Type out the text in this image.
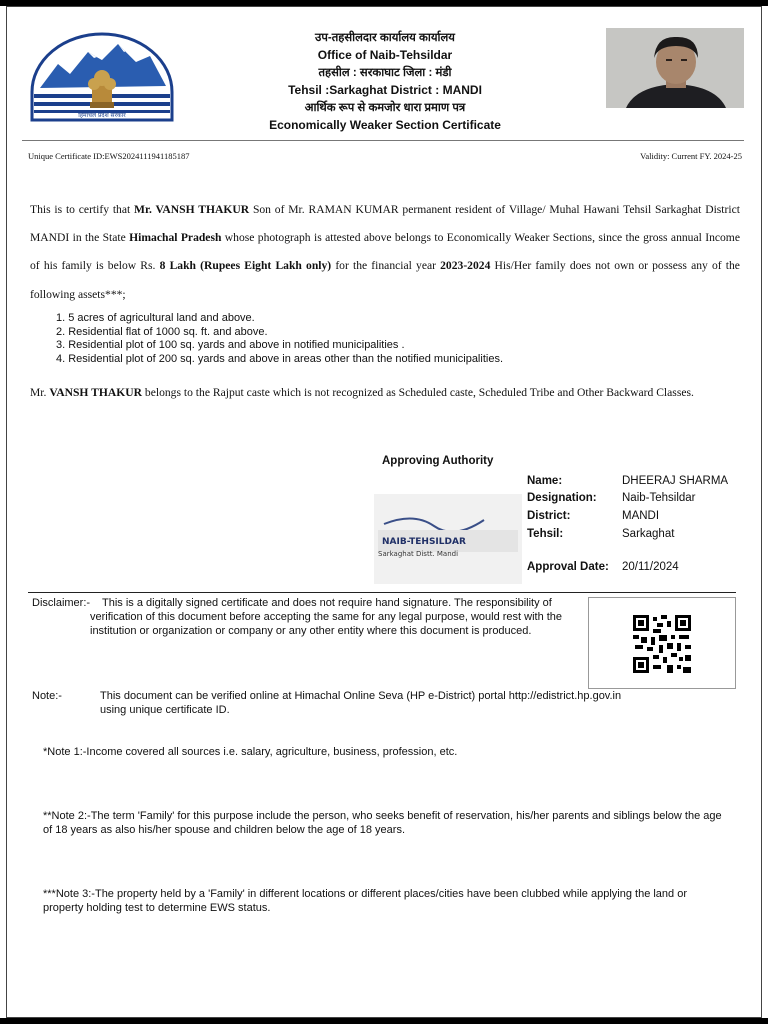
हिमाचल प्रदेश सरकार
उप-तहसीलदार कार्यालय कार्यालय
Office of Naib-Tehsildar
तहसील : सरकाघाट जिला : मंडी
Tehsil :Sarkaghat District : MANDI
आर्थिक रूप से कमजोर धारा प्रमाण पत्र
Economically Weaker Section Certificate
Unique Certificate ID:EWS2024111941185187	Validity: Current FY. 2024-25
This is to certify that Mr. VANSH THAKUR Son of Mr. RAMAN KUMAR permanent resident of Village/ Muhal Hawani Tehsil Sarkaghat District MANDI in the State Himachal Pradesh whose photograph is attested above belongs to Economically Weaker Sections, since the gross annual Income of his family is below Rs. 8 Lakh (Rupees Eight Lakh only) for the financial year 2023-2024 His/Her family does not own or possess any of the following assets***;
1. 5 acres of agricultural land and above.
2. Residential flat of 1000 sq. ft. and above.
3. Residential plot of 100 sq. yards and above in notified municipalities .
4. Residential plot of 200 sq. yards and above in areas other than the notified municipalities.
Mr. VANSH THAKUR belongs to the Rajput caste which is not recognized as Scheduled caste, Scheduled Tribe and Other Backward Classes.
Approving Authority
NAIB-TEHSILDAR
Sarkaghat Distt. Mandi
Name:	DHEERAJ SHARMA
Designation: Naib-Tehsildar
District:	MANDI
Tehsil:	Sarkaghat
Approval Date: 20/11/2024
Disclaimer:-	This is a digitally signed certificate and does not require hand signature. The responsibility of verification of this document before accepting the same for any legal purpose, would rest with the institution or organization or company or any other entity where this document is produced.
Note:-	This document can be verified online at Himachal Online Seva (HP e-District) portal http://edistrict.hp.gov.in using unique certificate ID.
*Note 1:-Income covered all sources i.e. salary, agriculture, business, profession, etc.
**Note 2:-The term 'Family' for this purpose include the person, who seeks benefit of reservation, his/her parents and siblings below the age of 18 years as also his/her spouse and children below the age of 18 years.
***Note 3:-The property held by a 'Family' in different locations or different places/cities have been clubbed while applying the land or property holding test to determine EWS status.
